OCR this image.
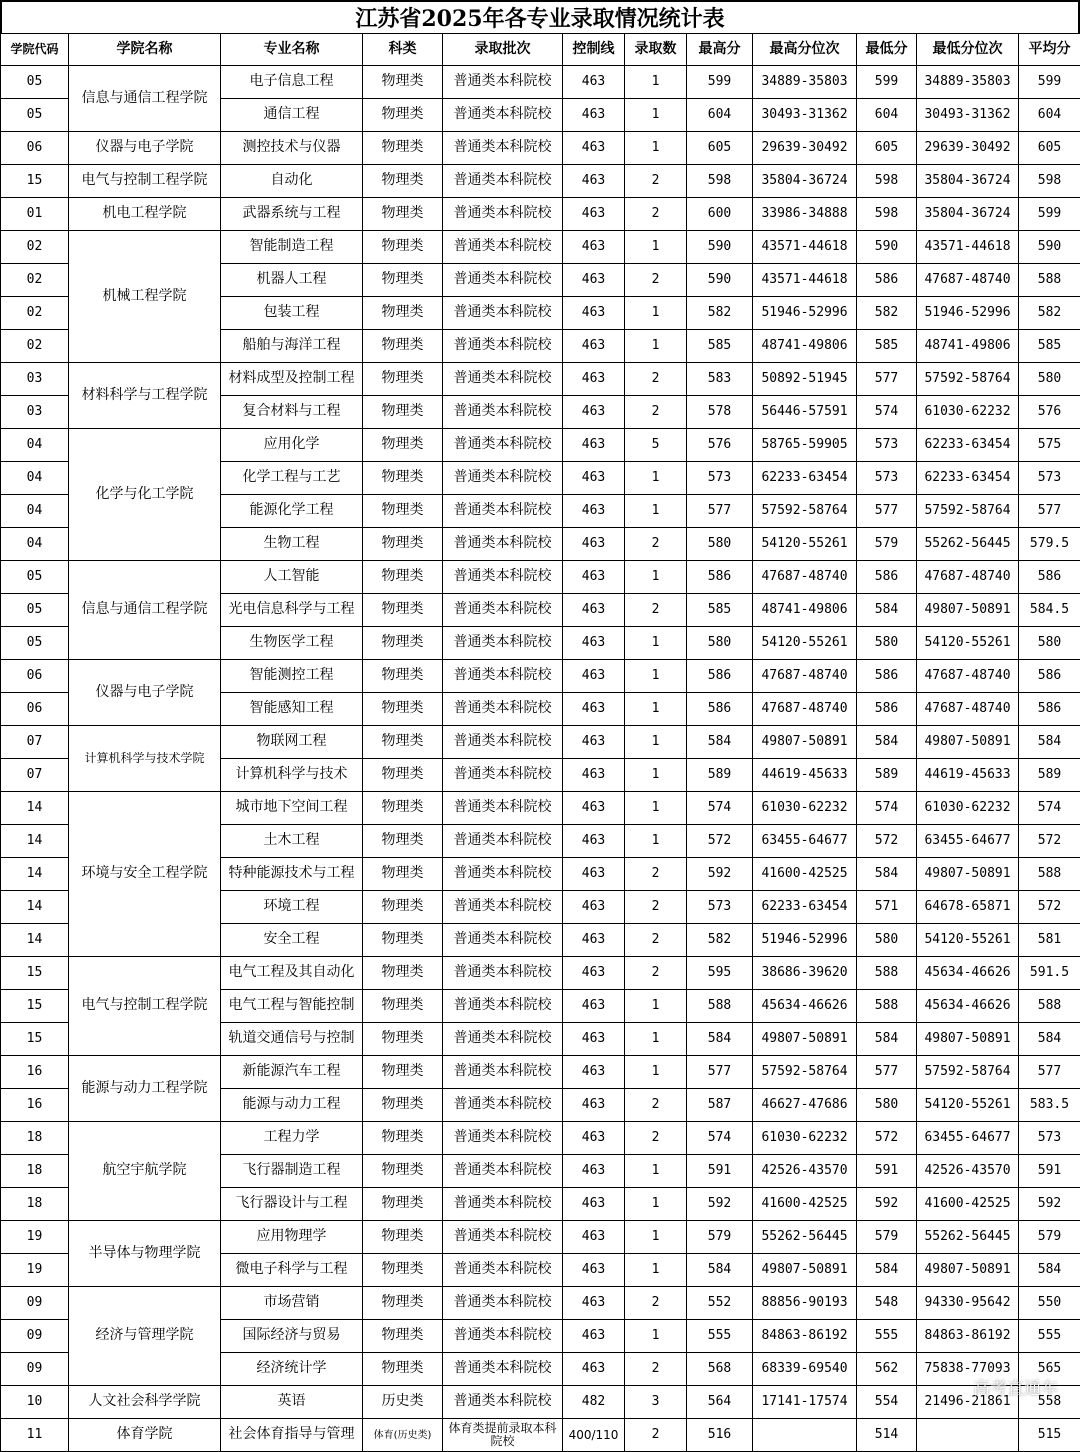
江苏省2025年各专业录取情况统计表
学院代码	学院名称	专业名称	科类	录取批次	控制线	录取数	最高分	最高分位次	最低分	最低分位次	平均分
05	信息与通信工程学院	电子信息工程	物理类	普通类本科院校	463	1	599	34889-35803	599	34889-35803	599
05		通信工程	物理类	普通类本科院校	463	1	604	30493-31362	604	30493-31362	604
06	仪器与电子学院	测控技术与仪器	物理类	普通类本科院校	463	1	605	29639-30492	605	29639-30492	605
15	电气与控制工程学院	自动化	物理类	普通类本科院校	463	2	598	35804-36724	598	35804-36724	598
01	机电工程学院	武器系统与工程	物理类	普通类本科院校	463	2	600	33986-34888	598	35804-36724	599
02	机械工程学院	智能制造工程	物理类	普通类本科院校	463	1	590	43571-44618	590	43571-44618	590
02		机器人工程	物理类	普通类本科院校	463	2	590	43571-44618	586	47687-48740	588
02		包装工程	物理类	普通类本科院校	463	1	582	51946-52996	582	51946-52996	582
02		船舶与海洋工程	物理类	普通类本科院校	463	1	585	48741-49806	585	48741-49806	585
03	材料科学与工程学院	材料成型及控制工程	物理类	普通类本科院校	463	2	583	50892-51945	577	57592-58764	580
03		复合材料与工程	物理类	普通类本科院校	463	2	578	56446-57591	574	61030-62232	576
04	化学与化工学院	应用化学	物理类	普通类本科院校	463	5	576	58765-59905	573	62233-63454	575
04		化学工程与工艺	物理类	普通类本科院校	463	1	573	62233-63454	573	62233-63454	573
04		能源化学工程	物理类	普通类本科院校	463	1	577	57592-58764	577	57592-58764	577
04		生物工程	物理类	普通类本科院校	463	2	580	54120-55261	579	55262-56445	579.5
05	信息与通信工程学院	人工智能	物理类	普通类本科院校	463	1	586	47687-48740	586	47687-48740	586
05		光电信息科学与工程	物理类	普通类本科院校	463	2	585	48741-49806	584	49807-50891	584.5
05		生物医学工程	物理类	普通类本科院校	463	1	580	54120-55261	580	54120-55261	580
06	仪器与电子学院	智能测控工程	物理类	普通类本科院校	463	1	586	47687-48740	586	47687-48740	586
06		智能感知工程	物理类	普通类本科院校	463	1	586	47687-48740	586	47687-48740	586
07	计算机科学与技术学院	物联网工程	物理类	普通类本科院校	463	1	584	49807-50891	584	49807-50891	584
07		计算机科学与技术	物理类	普通类本科院校	463	1	589	44619-45633	589	44619-45633	589
14	环境与安全工程学院	城市地下空间工程	物理类	普通类本科院校	463	1	574	61030-62232	574	61030-62232	574
14		土木工程	物理类	普通类本科院校	463	1	572	63455-64677	572	63455-64677	572
14		特种能源技术与工程	物理类	普通类本科院校	463	2	592	41600-42525	584	49807-50891	588
14		环境工程	物理类	普通类本科院校	463	2	573	62233-63454	571	64678-65871	572
14		安全工程	物理类	普通类本科院校	463	2	582	51946-52996	580	54120-55261	581
15	电气与控制工程学院	电气工程及其自动化	物理类	普通类本科院校	463	2	595	38686-39620	588	45634-46626	591.5
15		电气工程与智能控制	物理类	普通类本科院校	463	1	588	45634-46626	588	45634-46626	588
15		轨道交通信号与控制	物理类	普通类本科院校	463	1	584	49807-50891	584	49807-50891	584
16	能源与动力工程学院	新能源汽车工程	物理类	普通类本科院校	463	1	577	57592-58764	577	57592-58764	577
16		能源与动力工程	物理类	普通类本科院校	463	2	587	46627-47686	580	54120-55261	583.5
18	航空宇航学院	工程力学	物理类	普通类本科院校	463	2	574	61030-62232	572	63455-64677	573
18		飞行器制造工程	物理类	普通类本科院校	463	1	591	42526-43570	591	42526-43570	591
18		飞行器设计与工程	物理类	普通类本科院校	463	1	592	41600-42525	592	41600-42525	592
19	半导体与物理学院	应用物理学	物理类	普通类本科院校	463	1	579	55262-56445	579	55262-56445	579
19		微电子科学与工程	物理类	普通类本科院校	463	1	584	49807-50891	584	49807-50891	584
09	经济与管理学院	市场营销	物理类	普通类本科院校	463	2	552	88856-90193	548	94330-95642	550
09		国际经济与贸易	物理类	普通类本科院校	463	1	555	84863-86192	555	84863-86192	555
09		经济统计学	物理类	普通类本科院校	463	2	568	68339-69540	562	75838-77093	565
10	人文社会科学学院	英语	历史类	普通类本科院校	482	3	564	17141-17574	554	21496-21861	558
11	体育学院	社会体育指导与管理	体育(历史类)	体育类提前录取本科院校	400/110	2	516		514		515
高考直通车
